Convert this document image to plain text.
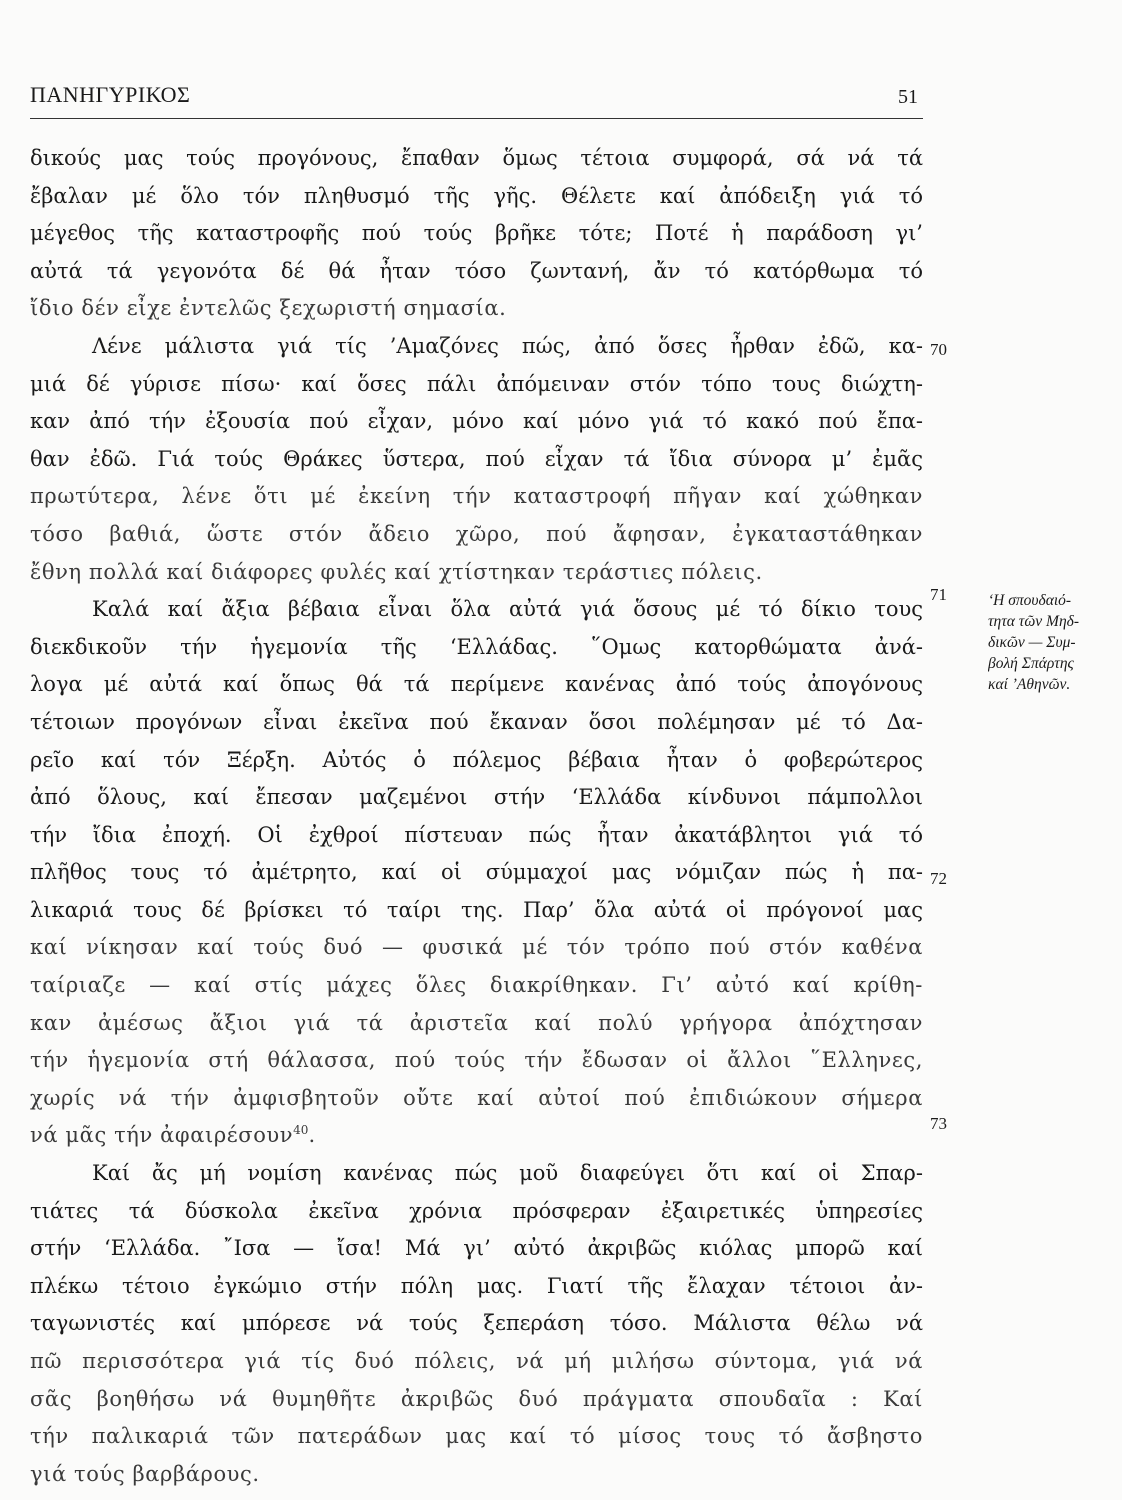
ΠΑΝΗΓΥΡΙΚΟΣ	51
δικούς μας τούς προγόνους, ἔπαθαν ὅμως τέτοια συμφορά, σά νά τά
ἔβαλαν μέ ὅλο τόν πληθυσμό τῆς γῆς. Θέλετε καί ἀπόδειξη γιά τό
μέγεθος τῆς καταστροφῆς πού τούς βρῆκε τότε; Ποτέ ἡ παράδοση γι’
αὐτά τά γεγονότα δέ θά ἦταν τόσο ζωντανή, ἄν τό κατόρθωμα τό
ἴδιο δέν εἶχε ἐντελῶς ξεχωριστή σημασία.
Λένε μάλιστα γιά τίς ’Αμαζόνες πώς, ἀπό ὅσες ἦρθαν ἐδῶ, κα-
μιά δέ γύρισε πίσω· καί ὅσες πάλι ἀπόμειναν στόν τόπο τους διώχτη-
καν ἀπό τήν ἐξουσία πού εἶχαν, μόνο καί μόνο γιά τό κακό πού ἔπα-
θαν ἐδῶ. Γιά τούς Θράκες ὕστερα, πού εἶχαν τά ἴδια σύνορα μ’ ἐμᾶς
πρωτύτερα, λένε ὅτι μέ ἐκείνη τήν καταστροφή πῆγαν καί χώθηκαν
τόσο βαθιά, ὥστε στόν ἄδειο χῶρο, πού ἄφησαν, ἐγκαταστάθηκαν
ἔθνη πολλά καί διάφορες φυλές καί χτίστηκαν τεράστιες πόλεις.
Καλά καί ἄξια βέβαια εἶναι ὅλα αὐτά γιά ὅσους μέ τό δίκιο τους
διεκδικοῦν τήν ἡγεμονία τῆς ‘Ελλάδας. ῞Ομως κατορθώματα ἀνά-
λογα μέ αὐτά καί ὅπως θά τά περίμενε κανένας ἀπό τούς ἀπογόνους
τέτοιων προγόνων εἶναι ἐκεῖνα πού ἔκαναν ὅσοι πολέμησαν μέ τό Δα-
ρεῖο καί τόν Ξέρξη. Αὐτός ὁ πόλεμος βέβαια ἦταν ὁ φοβερώτερος
ἀπό ὅλους, καί ἔπεσαν μαζεμένοι στήν ‘Ελλάδα κίνδυνοι πάμπολλοι
τήν ἴδια ἐποχή. Οἱ ἐχθροί πίστευαν πώς ἦταν ἀκατάβλητοι γιά τό
πλῆθος τους τό ἀμέτρητο, καί οἱ σύμμαχοί μας νόμιζαν πώς ἡ πα-
λικαριά τους δέ βρίσκει τό ταίρι της. Παρ’ ὅλα αὐτά οἱ πρόγονοί μας
καί νίκησαν καί τούς δυό — φυσικά μέ τόν τρόπο πού στόν καθένα
ταίριαζε — καί στίς μάχες ὅλες διακρίθηκαν. Γι’ αὐτό καί κρίθη-
καν ἀμέσως ἄξιοι γιά τά ἀριστεῖα καί πολύ γρήγορα ἀπόχτησαν
τήν ἡγεμονία στή θάλασσα, πού τούς τήν ἔδωσαν οἱ ἄλλοι ῞Ελληνες,
χωρίς νά τήν ἀμφισβητοῦν οὔτε καί αὐτοί πού ἐπιδιώκουν σήμερα
νά μᾶς τήν ἀφαιρέσουν$^{40}$.
Καί ἄς μή νομίση κανένας πώς μοῦ διαφεύγει ὅτι καί οἱ Σπαρ-
τιάτες τά δύσκολα ἐκεῖνα χρόνια πρόσφεραν ἐξαιρετικές ὑπηρεσίες
στήν ‘Ελλάδα. ῎Ισα — ἴσα! Μά γι’ αὐτό ἀκριβῶς κιόλας μπορῶ καί
πλέκω τέτοιο ἐγκώμιο στήν πόλη μας. Γιατί τῆς ἔλαχαν τέτοιοι ἀν-
ταγωνιστές καί μπόρεσε νά τούς ξεπεράση τόσο. Μάλιστα θέλω νά
πῶ περισσότερα γιά τίς δυό πόλεις, νά μή μιλήσω σύντομα, γιά νά
σᾶς βοηθήσω νά θυμηθῆτε ἀκριβῶς δυό πράγματα σπουδαῖα : Καί
τήν παλικαριά τῶν πατεράδων μας καί τό μίσος τους τό ἄσβηστο
γιά τούς βαρβάρους.
70
71
72
73
‘Η σπουδαιό-
τητα τῶν Μηδ-
δικῶν — Συμ-
βολή Σπάρτης
καί ’Αθηνῶν.
